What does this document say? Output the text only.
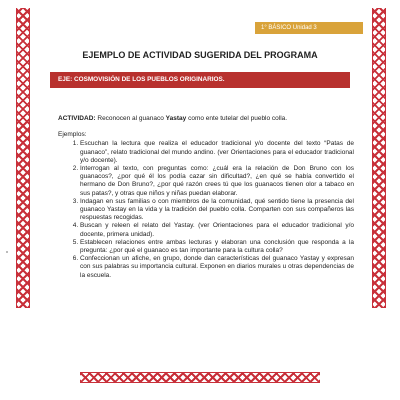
1° BÁSICO Unidad 3
EJEMPLO DE ACTIVIDAD SUGERIDA DEL PROGRAMA
EJE: COSMOVISIÓN DE LOS PUEBLOS ORIGINARIOS.

ACTIVIDAD: Reconocen al guanaco Yastay como ente tutelar del pueblo colla.

Ejemplos:

1. Escuchan la lectura que realiza el educador tradicional y/o docente del texto “Patas de guanaco”, relato tradicional del mundo andino. (ver Orientaciones para el educador tradicional y/o docente).
2. Interrogan al texto, con preguntas como: ¿cuál era la relación de Don Bruno con los guanacos?, ¿por qué él los podía cazar sin dificultad?, ¿en qué se había convertido el hermano de Don Bruno?, ¿por qué razón crees tú que los guanacos tienen olor a tabaco en sus patas?, y otras que niños y niñas puedan elaborar.
3. Indagan en sus familias o con miembros de la comunidad, qué sentido tiene la presencia del guanaco Yastay en la vida y la tradición del pueblo colla. Comparten con sus compañeros las respuestas recogidas.
4. Buscan y releen el relato del Yastay. (ver Orientaciones para el educador tradicional y/o docente, primera unidad).
5. Establecen relaciones entre ambas lecturas y elaboran una conclusión que responda a la pregunta: ¿por qué el guanaco es tan importante para la cultura colla?
6. Confeccionan un afiche, en grupo, donde dan características del guanaco Yastay y expresan con sus palabras su importancia cultural. Exponen en diarios murales u otras dependencias de la escuela.
